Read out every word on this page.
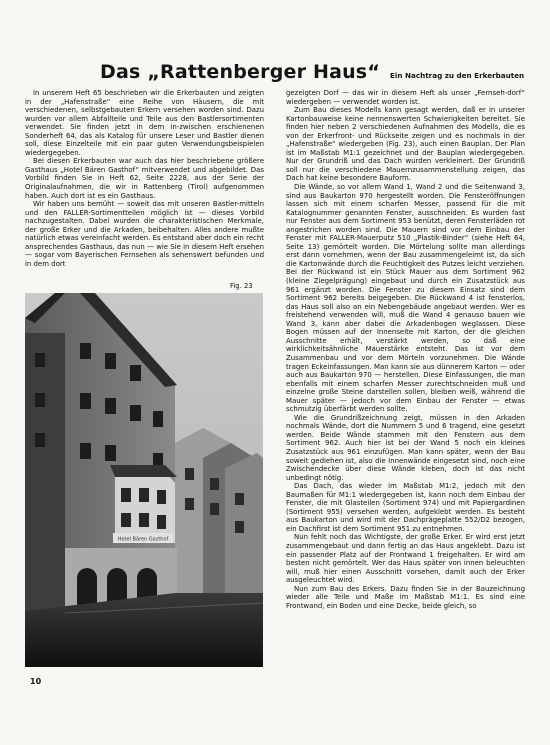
Das „Rattenberger Haus“ Ein Nachtrag zu den Erkerbauten

In unserem Heft 65 beschrieben wir die Erkerbauten und zeigten in der „Hafenstraße“ eine Reihe von Häusern, die mit verschiedenen, selbstgebauten Erkern versehen worden sind. Dazu wurden vor allem Abfallteile und Teile aus den Bastlersortimenten verwendet. Sie finden jetzt in dem in-zwischen erschienenen Sonderheft 64, das als Katalog für unsere Leser und Bastler dienen soll, diese Einzelteile mit ein paar guten Verwendungsbeispielen wiedergegeben.

Bei diesen Erkerbauten war auch das hier beschriebene größere Gasthaus „Hotel Bären Gasthof“ mitverwendet und abgebildet. Das Vorbild finden Sie in Heft 62, Seite 2228, aus der Serie der Originalaufnahmen, die wir in Rattenberg (Tirol) aufgenommen haben. Auch dort ist es ein Gasthaus.

Wir haben uns bemüht — soweit das mit unseren Bastler-mitteln und den FALLER-Sortimentteilen möglich ist — dieses Vorbild nachzugestalten. Dabei wurden die charakteristischen Merkmale, der große Erker und die Arkaden, beibehalten. Alles andere mußte natürlich etwas vereinfacht werden. Es entstand aber doch ein recht ansprechendes Gasthaus, das nun — wie Sie in diesem Heft ersehen — sogar vom Bayerischen Fernsehen als sehenswert befunden und in dem dort

Fig. 23
Hotel Bären Gasthof

gezeigten Dorf — das wir in diesem Heft als unser „Fernseh-dorf“ wiedergeben — verwendet worden ist.

Zum Bau dieses Modells kann gesagt werden, daß er in unserer Kartonbauweise keine nennenswerten Schwierigkeiten bereitet. Sie finden hier neben 2 verschiedenen Aufnahmen des Modells, die es von der Erkerfront- und Rückseite zeigen und es nochmals in der „Hafenstraße“ wiedergeben (Fig. 23), auch einen Bauplan. Der Plan ist im Maßstab M1:1 gezeichnet und der Bauplan wiedergegeben. Nur der Grundriß und das Dach wurden verkleinert. Der Grundriß soll nur die verschiedene Mauernzusammenstellung zeigen, das Dach hat keine besondere Bauform.

Die Wände, so vor allem Wand 1, Wand 2 und die Seitenwand 3, sind aus Baukarton 970 hergestellt worden. Die Fensteröffnungen lassen sich mit einem scharfen Messer, passend für die mit Katalognummer genannten Fenster, ausschneiden. Es wurden fast nur Fenster aus dem Sortiment 953 benützt, deren Fensterläden rot angestrichen worden sind. Die Mauern sind vor dem Einbau der Fenster mit FALLER-Mauerputz 510 „Plastik-Binder“ (siehe Heft 64, Seite 13) gemörtelt worden. Die Mörtelung sollte man allerdings erst dann vornehmen, wenn der Bau zusammengeleimt ist, da sich die Kartonwände durch die Feuchtigkeit des Putzes leicht verziehen. Bei der Rückwand ist ein Stück Mauer aus dem Sortiment 962 (kleine Ziegelprägung) eingebaut und durch ein Zusatzstück aus 961 ergänzt worden. Die Fenster zu diesem Einsatz sind dem Sortiment 962 bereits beigegeben. Die Rückwand 4 ist fensterlos, das Haus soll also an ein Nebengebäude angebaut werden. Wer es freistehend verwenden will, muß die Wand 4 genauso bauen wie Wand 3, kann aber dabei die Arkadenbogen weglassen. Diese Bogen müssen auf der Innenseite mit Karton, der die gleichen Ausschnitte erhält, verstärkt werden, so daß eine wirklichkeitsähnliche Mauerstärke entsteht. Das ist vor dem Zusammenbau und vor dem Mörteln vorzunehmen. Die Wände tragen Eckeinfassungen. Man kann sie aus dünnerem Karton — oder auch aus Baukarton 970 — herstellen. Diese Einfassungen, die man ebenfalls mit einem scharfen Messer zurechtschneiden muß und einzelne große Steine darstellen sollen, bleiben weiß, während die Mauer später — jedoch vor dem Einbau der Fenster — etwas schmutzig überfärbt werden sollte.

Wie die Grundrißzeichnung zeigt, müssen in den Arkaden nochmals Wände, dort die Nummern 5 und 6 tragend, eine gesetzt werden. Beide Wände stammen mit den Fenstern aus dem Sortiment 962. Auch hier ist bei der Wand 5 noch ein kleines Zusatzstück aus 961 einzufügen. Man kann später, wenn der Bau soweit gediehen ist, also die Innenwände eingesetzt sind, noch eine Zwischendecke über diese Wände kleben, doch ist das nicht unbedingt nötig.

Das Dach, das wieder im Maßstab M1:2, jedoch mit den Baumaßen für M1:1 wiedergegeben ist, kann noch dem Einbau der Fenster, die mit Glasteilen (Sortiment 974) und mit Papiergardinen (Sortiment 955) versehen werden, aufgeklebt werden. Es besteht aus Baukarton und wird mit der Dachprägeplatte 552/D2 bezogen, ein Dachfirst ist dem Sortiment 951 zu entnehmen.

Nun fehlt noch das Wichtigste, der große Erker. Er wird erst jetzt zusammengebaut und dann fertig an das Haus angeklebt. Dazu ist ein passender Platz auf der Frontwand 1 freigehalten. Er wird am besten nicht gemörtelt. Wer das Haus später von innen beleuchten will, muß hier einen Ausschnitt vorsehen, damit auch der Erker ausgeleuchtet wird.

Nun zum Bau des Erkers. Dazu finden Sie in der Bauzeichnung wieder alle Teile und Maße im Maßstab M1:1. Es sind eine Frontwand, ein Boden und eine Decke, beide gleich, so

10
